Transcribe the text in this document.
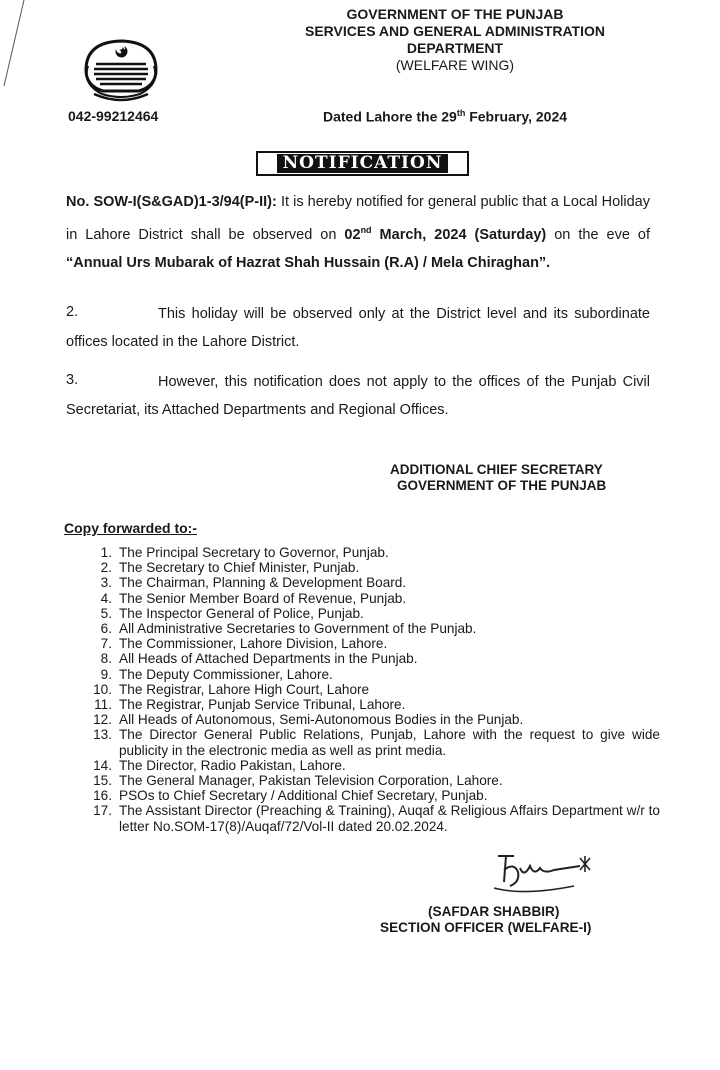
GOVERNMENT OF THE PUNJAB
SERVICES AND GENERAL ADMINISTRATION
DEPARTMENT
(WELFARE WING)
042-99212464	Dated Lahore the 29th February, 2024
NOTIFICATION
No. SOW-I(S&GAD)1-3/94(P-II): It is hereby notified for general public that a Local Holiday in Lahore District shall be observed on 02nd March, 2024 (Saturday) on the eve of “Annual Urs Mubarak of Hazrat Shah Hussain (R.A) / Mela Chiraghan”.
2.	This holiday will be observed only at the District level and its subordinate offices located in the Lahore District.
3.	However, this notification does not apply to the offices of the Punjab Civil Secretariat, its Attached Departments and Regional Offices.
ADDITIONAL CHIEF SECRETARY
GOVERNMENT OF THE PUNJAB
Copy forwarded to:-
1. The Principal Secretary to Governor, Punjab.
2. The Secretary to Chief Minister, Punjab.
3. The Chairman, Planning & Development Board.
4. The Senior Member Board of Revenue, Punjab.
5. The Inspector General of Police, Punjab.
6. All Administrative Secretaries to Government of the Punjab.
7. The Commissioner, Lahore Division, Lahore.
8. All Heads of Attached Departments in the Punjab.
9. The Deputy Commissioner, Lahore.
10. The Registrar, Lahore High Court, Lahore
11. The Registrar, Punjab Service Tribunal, Lahore.
12. All Heads of Autonomous, Semi-Autonomous Bodies in the Punjab.
13. The Director General Public Relations, Punjab, Lahore with the request to give wide publicity in the electronic media as well as print media.
14. The Director, Radio Pakistan, Lahore.
15. The General Manager, Pakistan Television Corporation, Lahore.
16. PSOs to Chief Secretary / Additional Chief Secretary, Punjab.
17. The Assistant Director (Preaching & Training), Auqaf & Religious Affairs Department w/r to letter No.SOM-17(8)/Auqaf/72/Vol-II dated 20.02.2024.
(SAFDAR SHABBIR)
SECTION OFFICER (WELFARE-I)
